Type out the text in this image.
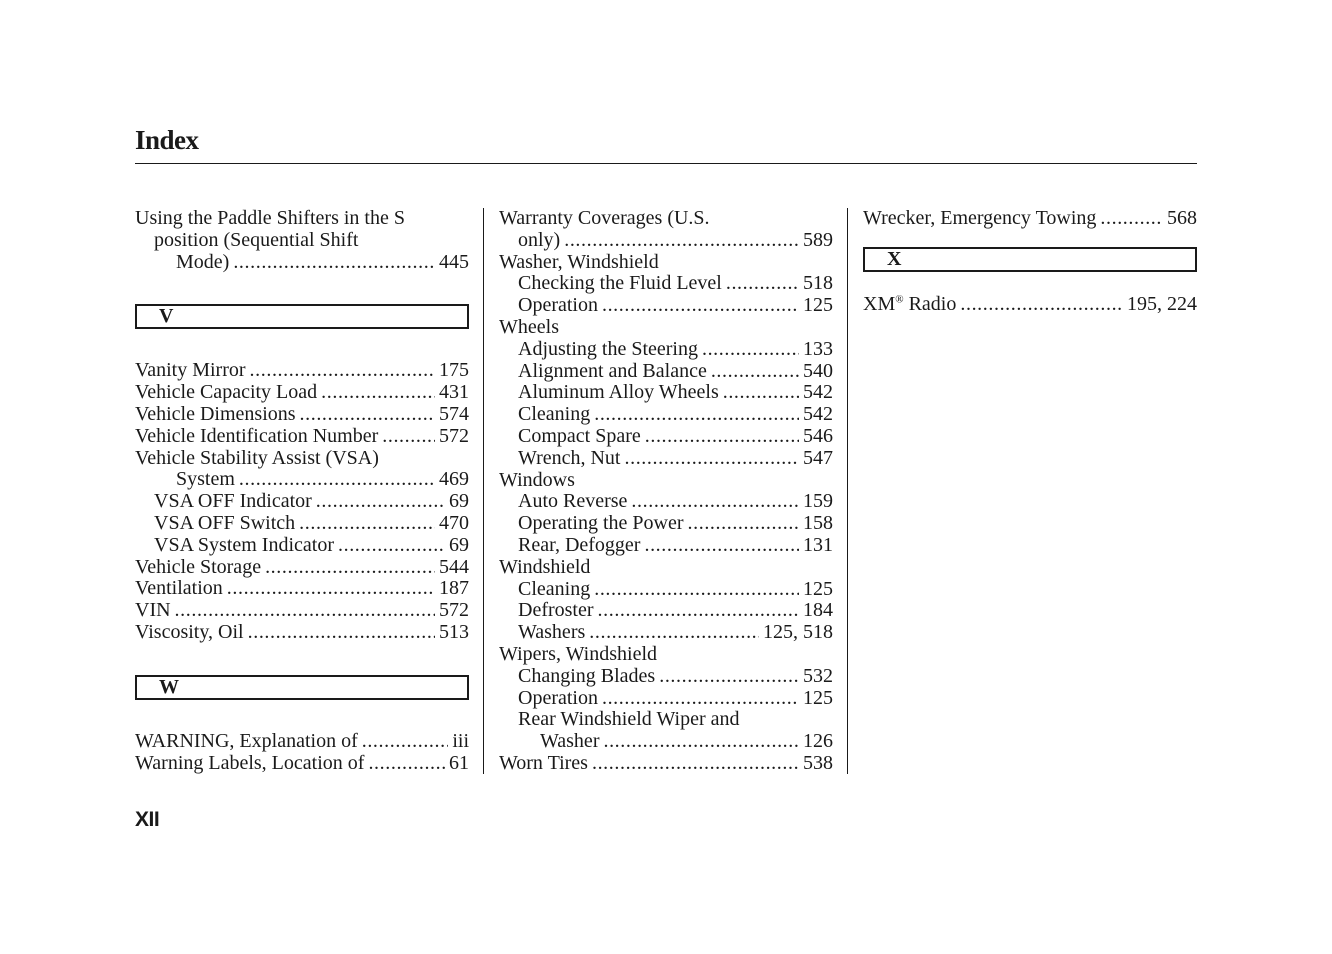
Index
Using the Paddle Shifters in the S
position (Sequential Shift
Mode) . . .	445
V
Vanity Mirror . . .	175
Vehicle Capacity Load . . .	431
Vehicle Dimensions . . .	574
Vehicle Identification Number . . .	572
Vehicle Stability Assist (VSA)
System . . .	469
VSA OFF Indicator . . .	69
VSA OFF Switch . . .	470
VSA System Indicator . . .	69
Vehicle Storage . . .	544
Ventilation . . .	187
VIN . . .	572
Viscosity, Oil . . .	513
W
WARNING, Explanation of . . .	iii
Warning Labels, Location of . . .	61
Warranty Coverages (U.S.
only) . . .	589
Washer, Windshield
Checking the Fluid Level . . .	518
Operation . . .	125
Wheels
Adjusting the Steering . . .	133
Alignment and Balance . . .	540
Aluminum Alloy Wheels . . .	542
Cleaning . . .	542
Compact Spare . . .	546
Wrench, Nut . . .	547
Windows
Auto Reverse . . .	159
Operating the Power . . .	158
Rear, Defogger . . .	131
Windshield
Cleaning . . .	125
Defroster . . .	184
Washers . . .	125, 518
Wipers, Windshield
Changing Blades . . .	532
Operation . . .	125
Rear Windshield Wiper and
Washer . . .	126
Worn Tires . . .	538
Wrecker, Emergency Towing . . .	568
X
XM® Radio . . .	195, 224
XII
